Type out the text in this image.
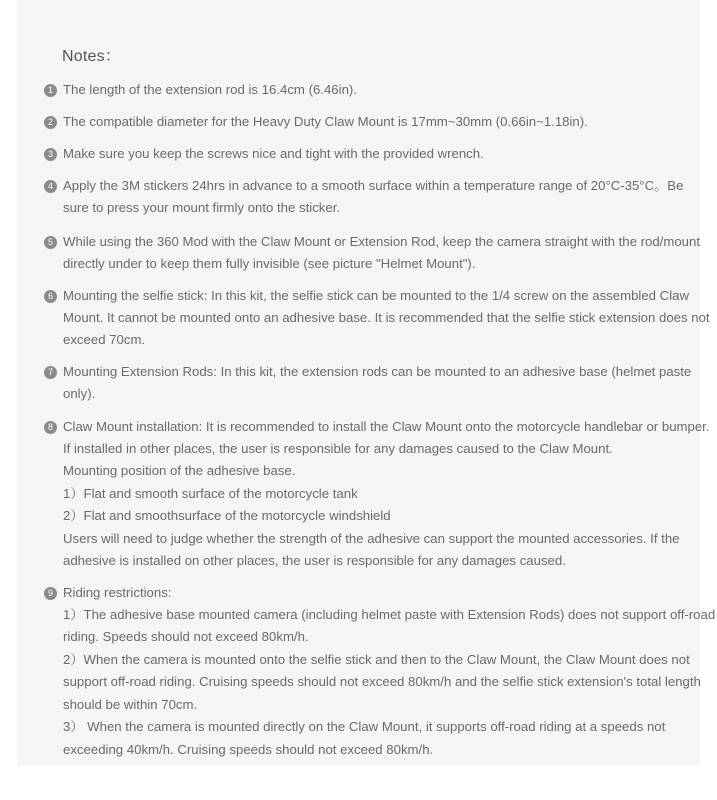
Notes：
1 The length of the extension rod is 16.4cm (6.46in).
2 The compatible diameter for the Heavy Duty Claw Mount is 17mm~30mm (0.66in~1.18in).
3 Make sure you keep the screws nice and tight with the provided wrench.
4 Apply the 3M stickers 24hrs in advance to a smooth surface within a temperature range of 20°C-35°C。Be
sure to press your mount firmly onto the sticker.
5 While using the 360 Mod with the Claw Mount or Extension Rod, keep the camera straight with the rod/mount
directly under to keep them fully invisible (see picture "Helmet Mount").
6 Mounting the selfie stick: In this kit, the selfie stick can be mounted to the 1/4 screw on the assembled Claw
Mount. It cannot be mounted onto an adhesive base. It is recommended that the selfie stick extension does not
exceed 70cm.
7 Mounting Extension Rods: In this kit, the extension rods can be mounted to an adhesive base (helmet paste
only).
8 Claw Mount installation: It is recommended to install the Claw Mount onto the motorcycle handlebar or bumper.
If installed in other places, the user is responsible for any damages caused to the Claw Mount.
Mounting position of the adhesive base.
1）Flat and smooth surface of the motorcycle tank
2）Flat and smoothsurface of the motorcycle windshield
Users will need to judge whether the strength of the adhesive can support the mounted accessories. If the
adhesive is installed on other places, the user is responsible for any damages caused.
9 Riding restrictions:
1）The adhesive base mounted camera (including helmet paste with Extension Rods) does not support off-road
riding. Speeds should not exceed 80km/h.
2）When the camera is mounted onto the selfie stick and then to the Claw Mount, the Claw Mount does not
support off-road riding. Cruising speeds should not exceed 80km/h and the selfie stick extension's total length
should be within 70cm.
3） When the camera is mounted directly on the Claw Mount, it supports off-road riding at a speeds not
exceeding 40km/h. Cruising speeds should not exceed 80km/h.
